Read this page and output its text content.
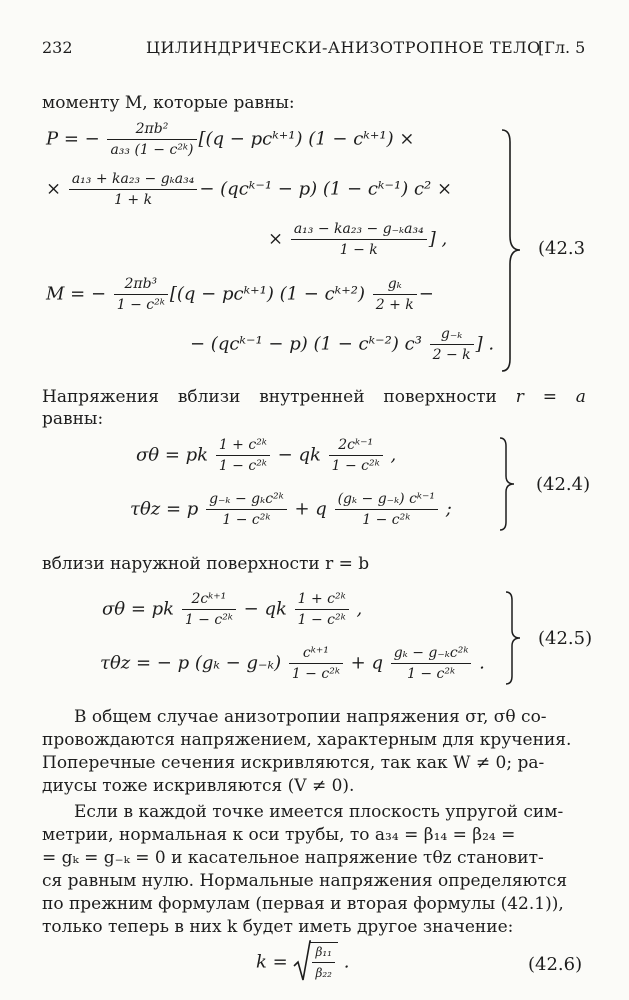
232	ЦИЛИНДРИЧЕСКИ-АНИЗОТРОПНОЕ ТЕЛО
[Гл. 5
моменту M, которые равны:
P = − $\frac{\text{2πb²}}{\text{a₃₃ (1 − c²ᵏ)}} [(q$ − pcᵏ⁺¹) (1 − cᵏ⁺¹) ×
× $\frac{\text{a₁₃ + ka₂₃ − gₖa₃₄}}{1 + k}$ − (qcᵏ⁻¹ − p) (1 − cᵏ⁻¹) c² ×
× $\frac{\text{a₁₃ − ka₂₃ − g₋ₖa₃₄}}{1 - k}$ ] ,
M = − $\frac{\text{2πb³}}{\text{1 − c²ᵏ}} [(q$ − pcᵏ⁺¹) (1 − cᵏ⁺²) $\frac{\text{gₖ}}{2 + k}$ −
− (qcᵏ⁻¹ − p) (1 − cᵏ⁻²) $c^3 \frac{\text{g₋ₖ}}{2 - k}$ ] .
(42.3
Напряжения вблизи внутренней поверхности r = a
равны:
σθ = pk $\frac{\text{1 + c²ᵏ}}{\text{1 − c²ᵏ}}$ − qk $\frac{\text{2cᵏ⁻¹}}{\text{1 − c²ᵏ}}$ ,
τθz = p $\frac{\text{g₋ₖ − gₖc²ᵏ}}{\text{1 − c²ᵏ}} + q \frac{\text{(gₖ − g₋ₖ) cᵏ⁻¹}}{\text{1 − c²ᵏ}}$ ;
(42.4)
вблизи наружной поверхности r = b
σθ = pk $\frac{\text{2cᵏ⁺¹}}{\text{1 − c²ᵏ}}$ − qk $\frac{\text{1 + c²ᵏ}}{\text{1 − c²ᵏ}}$ ,
τθz = − p $(g_k - g_{-k}) \frac{\text{cᵏ⁺¹}}{\text{1 − c²ᵏ}} + q \frac{\text{gₖ − g₋ₖc²ᵏ}}{\text{1 − c²ᵏ}}$ .
(42.5)
В общем случае анизотропии напряжения σr, σθ со-
провождаются напряжением, характерным для кручения.
Поперечные сечения искривляются, так как W ≠ 0; ра-
диусы тоже искривляются (V ≠ 0).
Если в каждой точке имеется плоскость упругой сим-
метрии, нормальная к оси трубы, то a₃₄ = β₁₄ = β₂₄ =
= gₖ = g₋ₖ = 0 и касательное напряжение τθz становит-
ся равным нулю. Нормальные напряжения определяются
по прежним формулам (первая и вторая формулы (42.1)),
только теперь в них k будет иметь другое значение:
$k = \frac{\text{β₁₁}}{\text{β₂₂}}$ .	(42.6)
